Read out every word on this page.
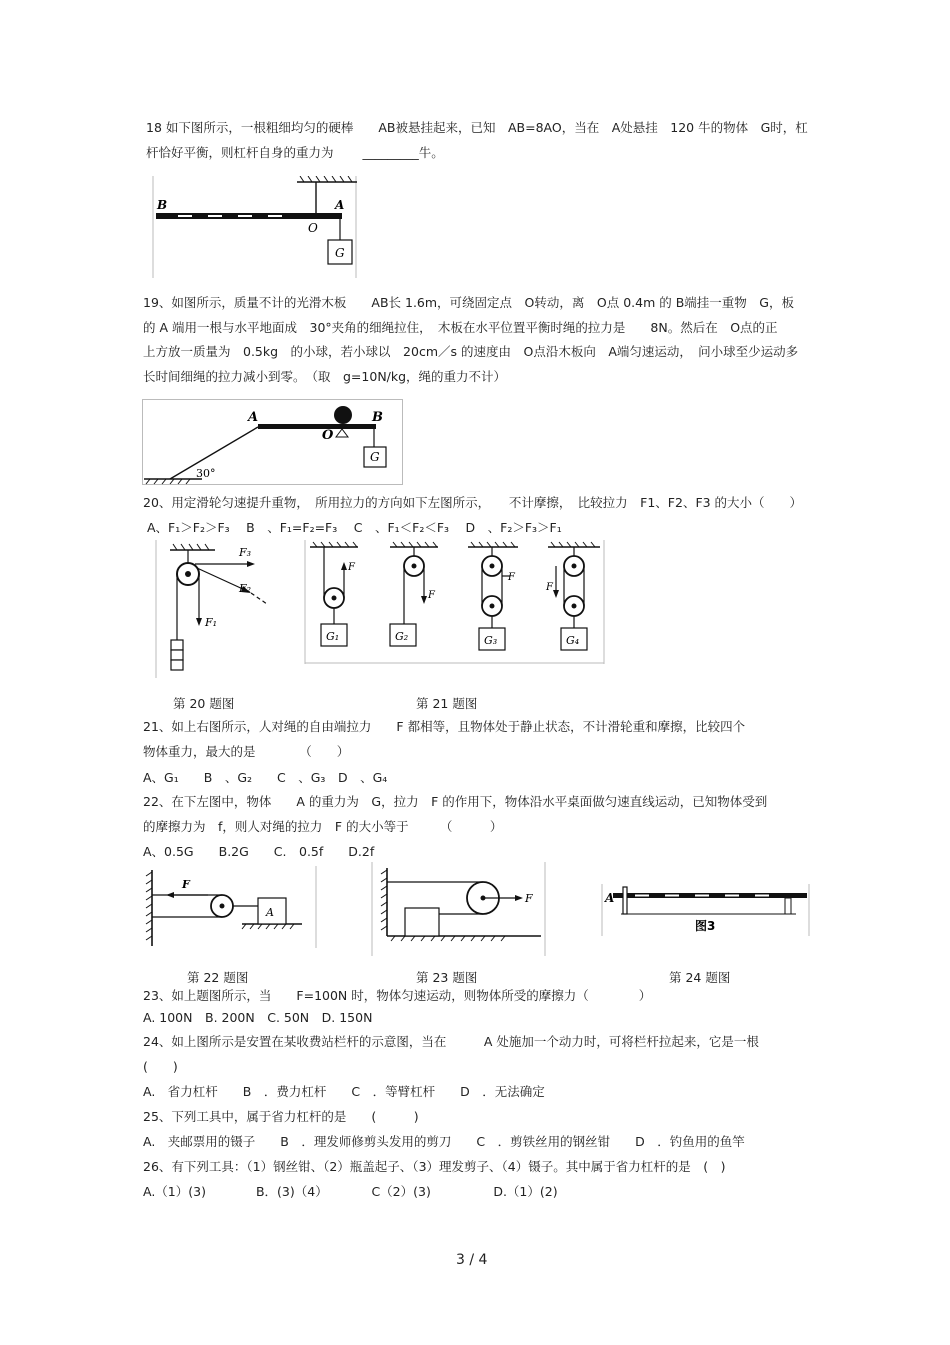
18 如下图所示，一根粗细均匀的硬棒　　AB被悬挂起来，已知　AB=8AO，当在　A处悬挂　120 牛的物体　G时，杠
杆恰好平衡，则杠杆自身的重力为　　 _________牛。
B	A
O
G
19、如图所示，质量不计的光滑木板　　AB长 1.6m，可绕固定点　O转动，离　O点 0.4m 的 B端挂一重物　G，板
的 A 端用一根与水平地面成　30°夹角的细绳拉住，　木板在水平位置平衡时绳的拉力是　　8N。然后在　O点的正
上方放一质量为　0.5kg　的小球，若小球以　20cm／s 的速度由　O点沿木板向　A端匀速运动，　问小球至少运动多
长时间细绳的拉力减小到零。　（取　g=10N/kg，绳的重力不计）
A	B
O
G
30°
20、用定滑轮匀速提升重物，　所用拉力的方向如下左图所示，　　不计摩擦，　比较拉力　F1、F2、F3 的大小（　　）
A、F₁＞F₂＞F₃　 B　、F₁=F₂=F₃　 C　、F₁＜F₂＜F₃　 D　、F₂＞F₃＞F₁
F₃
F₂
F₁
F
G₁
F
G₂
F
G₃
F
G₄
第 20 题图	第 21 题图
21、如上右图所示，人对绳的自由端拉力　　F 都相等，且物体处于静止状态，不计滑轮重和摩擦，比较四个
物体重力，最大的是　　　　（　　）
A、G₁　　B　、G₂　　C　、G₃　D　、G₄
22、在下左图中，物体　　A 的重力为　G，拉力　F 的作用下，物体沿水平桌面做匀速直线运动，已知物体受到
的摩擦力为　f，则人对绳的拉力　F 的大小等于　　　（　　　）
A、0.5G　　B.2G　　C.　0.5f　　D.2f
F
A
F	A
图3
第 22 题图	第 23 题图	第 24 题图
23、如上题图所示，当　　F=100N 时，物体匀速运动，则物体所受的摩擦力（　　　　）
A. 100N　B. 200N　C. 50N　D. 150N
24、如上图所示是安置在某收费站栏杆的示意图，当在　　　A 处施加一个动力时，可将栏杆拉起来，它是一根
(　　)
A.　省力杠杆　　B　．费力杠杆　　C　．等臂杠杆　　D　．无法确定
25、下列工具中，属于省力杠杆的是　　(　　　)
A.　夹邮票用的镊子　　B　．理发师修剪头发用的剪刀　　C　．剪铁丝用的钢丝钳　　D　．钓鱼用的鱼竿
26、有下列工具：（1）钢丝钳、（2）瓶盖起子、（3）理发剪子、（4）镊子。其中属于省力杠杆的是　(　)
A.（1）(3)　　　　B．(3)（4）　　　　C（2）(3)　　　　　D.（1）(2)
3 / 4
